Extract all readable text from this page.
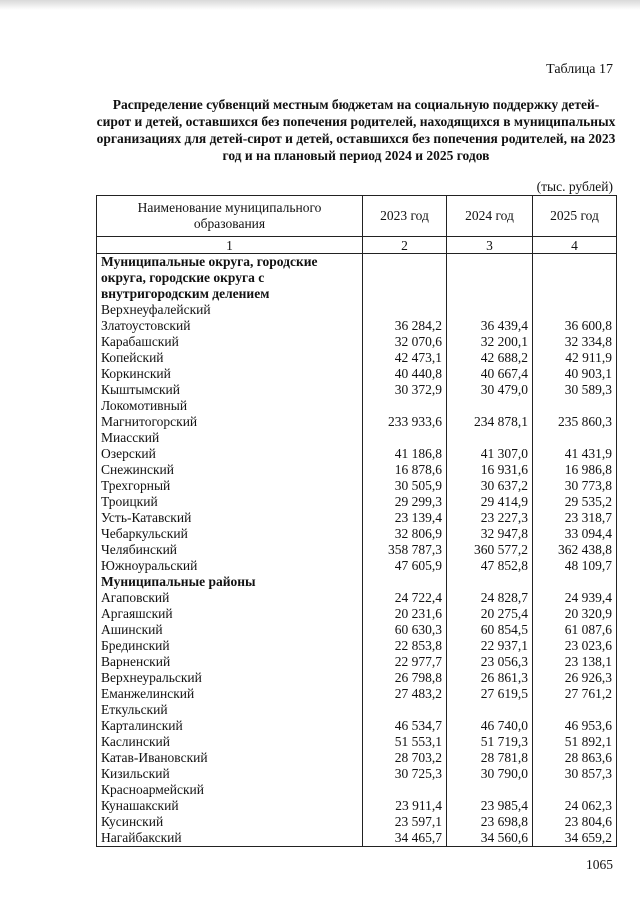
Таблица 17
Распределение субвенций местным бюджетам на социальную поддержку детей-сирот и детей, оставшихся без попечения родителей, находящихся в муниципальных организациях для детей-сирот и детей, оставшихся без попечения родителей, на 2023 год и на плановый период 2024 и 2025 годов
(тыс. рублей)
Наименование муниципального образования	2023 год	2024 год	2025 год
1	2	3	4
Муниципальные округа, городские округа, городские округа с внутригородским делением			
Верхнеуфалейский			
Златоустовский	36 284,2	36 439,4	36 600,8
Карабашский	32 070,6	32 200,1	32 334,8
Копейский	42 473,1	42 688,2	42 911,9
Коркинский	40 440,8	40 667,4	40 903,1
Кыштымский	30 372,9	30 479,0	30 589,3
Локомотивный			
Магнитогорский	233 933,6	234 878,1	235 860,3
Миасский			
Озерский	41 186,8	41 307,0	41 431,9
Снежинский	16 878,6	16 931,6	16 986,8
Трехгорный	30 505,9	30 637,2	30 773,8
Троицкий	29 299,3	29 414,9	29 535,2
Усть-Катавский	23 139,4	23 227,3	23 318,7
Чебаркульский	32 806,9	32 947,8	33 094,4
Челябинский	358 787,3	360 577,2	362 438,8
Южноуральский	47 605,9	47 852,8	48 109,7
Муниципальные районы			
Агаповский	24 722,4	24 828,7	24 939,4
Аргаяшский	20 231,6	20 275,4	20 320,9
Ашинский	60 630,3	60 854,5	61 087,6
Брединский	22 853,8	22 937,1	23 023,6
Варненский	22 977,7	23 056,3	23 138,1
Верхнеуральский	26 798,8	26 861,3	26 926,3
Еманжелинский	27 483,2	27 619,5	27 761,2
Еткульский			
Карталинский	46 534,7	46 740,0	46 953,6
Каслинский	51 553,1	51 719,3	51 892,1
Катав-Ивановский	28 703,2	28 781,8	28 863,6
Кизильский	30 725,3	30 790,0	30 857,3
Красноармейский			
Кунашакский	23 911,4	23 985,4	24 062,3
Кусинский	23 597,1	23 698,8	23 804,6
Нагайбакский	34 465,7	34 560,6	34 659,2
1065
